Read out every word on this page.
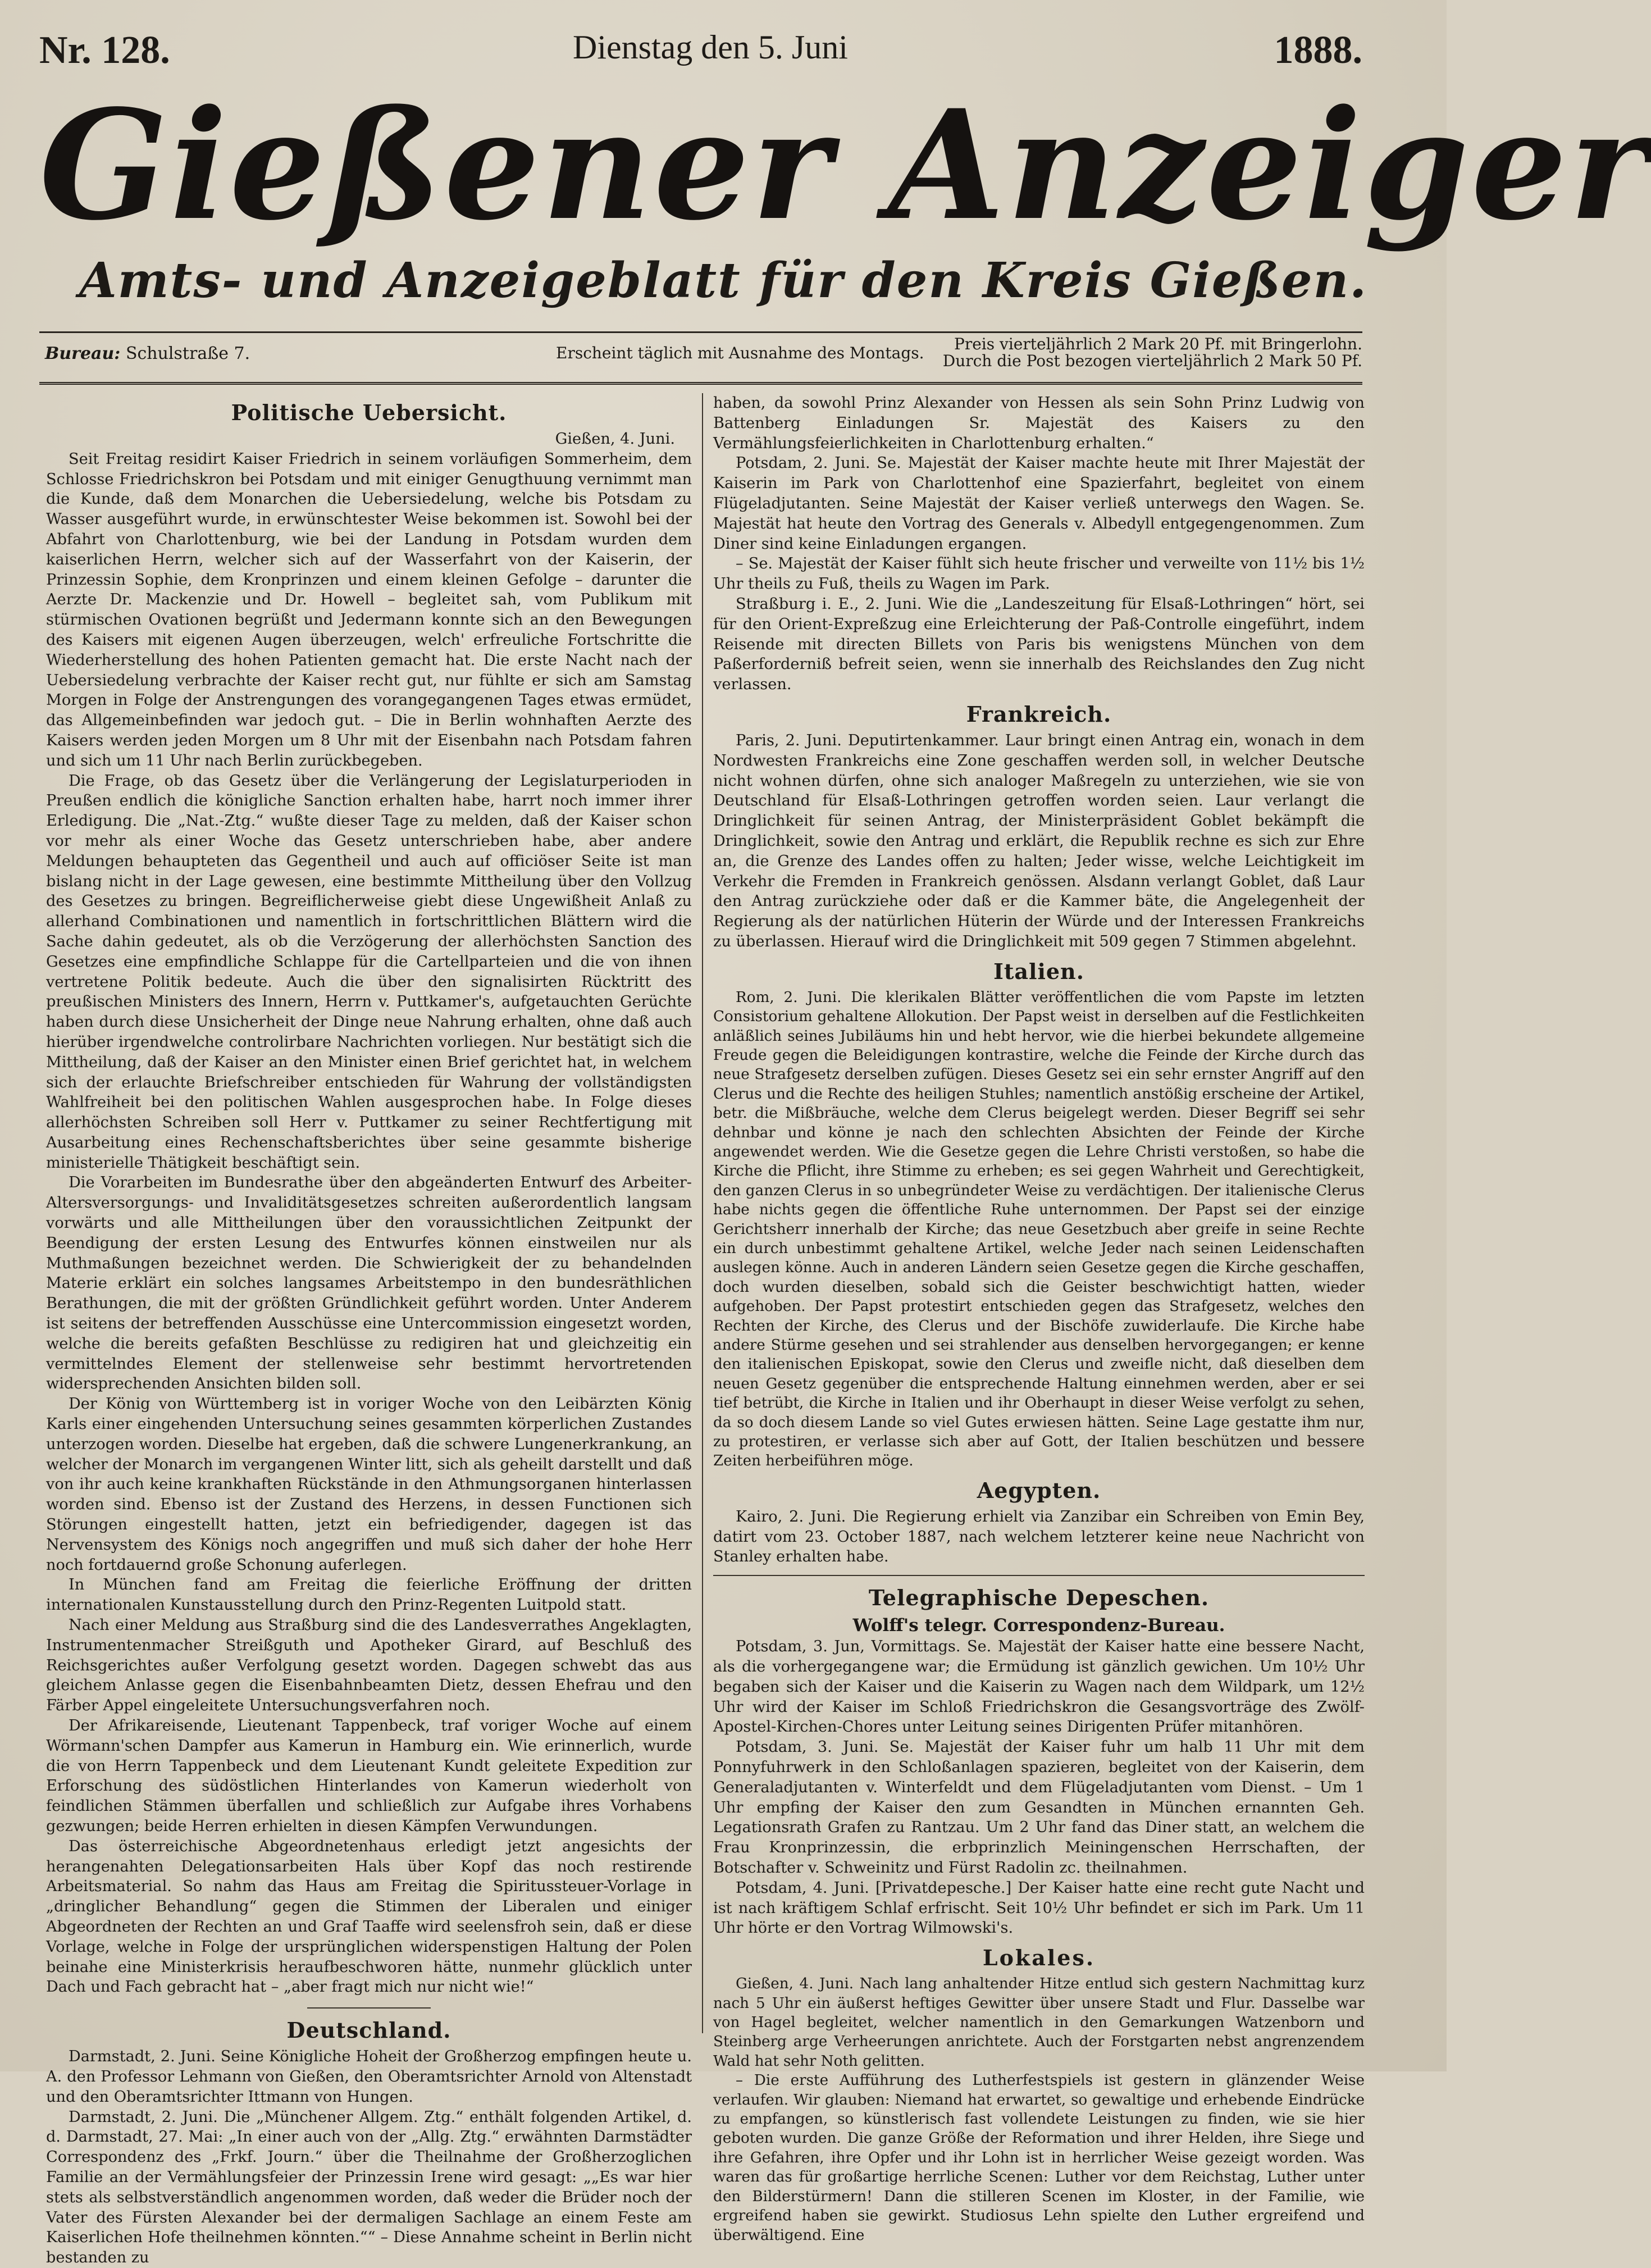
Nr. 128.	Dienstag den 5. Juni	1888.
Gießener Anzeiger
Amts- und Anzeigeblatt für den Kreis Gießen.
Bureau: Schulstraße 7.	Erscheint täglich mit Ausnahme des Montags.	Preis vierteljährlich 2 Mark 20 Pf. mit Bringerlohn.
Durch die Post bezogen vierteljährlich 2 Mark 50 Pf.
Politische Uebersicht.
Gießen, 4. Juni.

Seit Freitag residirt Kaiser Friedrich in seinem vorläufigen Sommerheim, dem Schlosse Friedrichskron bei Potsdam und mit einiger Genugthuung vernimmt man die Kunde, daß dem Monarchen die Uebersiedelung, welche bis Potsdam zu Wasser ausgeführt wurde, in erwünschtester Weise bekommen ist. Sowohl bei der Abfahrt von Charlottenburg, wie bei der Landung in Potsdam wurden dem kaiserlichen Herrn, welcher sich auf der Wasserfahrt von der Kaiserin, der Prinzessin Sophie, dem Kronprinzen und einem kleinen Gefolge – darunter die Aerzte Dr. Mackenzie und Dr. Howell – begleitet sah, vom Publikum mit stürmischen Ovationen begrüßt und Jedermann konnte sich an den Bewegungen des Kaisers mit eigenen Augen überzeugen, welch' erfreuliche Fortschritte die Wiederherstellung des hohen Patienten gemacht hat. Die erste Nacht nach der Uebersiedelung verbrachte der Kaiser recht gut, nur fühlte er sich am Samstag Morgen in Folge der Anstrengungen des vorangegangenen Tages etwas ermüdet, das Allgemeinbefinden war jedoch gut. – Die in Berlin wohnhaften Aerzte des Kaisers werden jeden Morgen um 8 Uhr mit der Eisenbahn nach Potsdam fahren und sich um 11 Uhr nach Berlin zurückbegeben.

Die Frage, ob das Gesetz über die Verlängerung der Legislaturperioden in Preußen endlich die königliche Sanction erhalten habe, harrt noch immer ihrer Erledigung. Die „Nat.-Ztg.“ wußte dieser Tage zu melden, daß der Kaiser schon vor mehr als einer Woche das Gesetz unterschrieben habe, aber andere Meldungen behaupteten das Gegentheil und auch auf officiöser Seite ist man bislang nicht in der Lage gewesen, eine bestimmte Mittheilung über den Vollzug des Gesetzes zu bringen. Begreiflicherweise giebt diese Ungewißheit Anlaß zu allerhand Combinationen und namentlich in fortschrittlichen Blättern wird die Sache dahin gedeutet, als ob die Verzögerung der allerhöchsten Sanction des Gesetzes eine empfindliche Schlappe für die Cartellparteien und die von ihnen vertretene Politik bedeute. Auch die über den signalisirten Rücktritt des preußischen Ministers des Innern, Herrn v. Puttkamer's, aufgetauchten Gerüchte haben durch diese Unsicherheit der Dinge neue Nahrung erhalten, ohne daß auch hierüber irgendwelche controlirbare Nachrichten vorliegen. Nur bestätigt sich die Mittheilung, daß der Kaiser an den Minister einen Brief gerichtet hat, in welchem sich der erlauchte Briefschreiber entschieden für Wahrung der vollständigsten Wahlfreiheit bei den politischen Wahlen ausgesprochen habe. In Folge dieses allerhöchsten Schreiben soll Herr v. Puttkamer zu seiner Rechtfertigung mit Ausarbeitung eines Rechenschaftsberichtes über seine gesammte bisherige ministerielle Thätigkeit beschäftigt sein.

Die Vorarbeiten im Bundesrathe über den abgeänderten Entwurf des Arbeiter-Altersversorgungs- und Invaliditätsgesetzes schreiten außerordentlich langsam vorwärts und alle Mittheilungen über den voraussichtlichen Zeitpunkt der Beendigung der ersten Lesung des Entwurfes können einstweilen nur als Muthmaßungen bezeichnet werden. Die Schwierigkeit der zu behandelnden Materie erklärt ein solches langsames Arbeitstempo in den bundesräthlichen Berathungen, die mit der größten Gründlichkeit geführt worden. Unter Anderem ist seitens der betreffenden Ausschüsse eine Untercommission eingesetzt worden, welche die bereits gefaßten Beschlüsse zu redigiren hat und gleichzeitig ein vermittelndes Element der stellenweise sehr bestimmt hervortretenden widersprechenden Ansichten bilden soll.

Der König von Württemberg ist in voriger Woche von den Leibärzten König Karls einer eingehenden Untersuchung seines gesammten körperlichen Zustandes unterzogen worden. Dieselbe hat ergeben, daß die schwere Lungenerkrankung, an welcher der Monarch im vergangenen Winter litt, sich als geheilt darstellt und daß von ihr auch keine krankhaften Rückstände in den Athmungsorganen hinterlassen worden sind. Ebenso ist der Zustand des Herzens, in dessen Functionen sich Störungen eingestellt hatten, jetzt ein befriedigender, dagegen ist das Nervensystem des Königs noch angegriffen und muß sich daher der hohe Herr noch fortdauernd große Schonung auferlegen.

In München fand am Freitag die feierliche Eröffnung der dritten internationalen Kunstausstellung durch den Prinz-Regenten Luitpold statt.

Nach einer Meldung aus Straßburg sind die des Landesverrathes Angeklagten, Instrumentenmacher Streißguth und Apotheker Girard, auf Beschluß des Reichsgerichtes außer Verfolgung gesetzt worden. Dagegen schwebt das aus gleichem Anlasse gegen die Eisenbahnbeamten Dietz, dessen Ehefrau und den Färber Appel eingeleitete Untersuchungsverfahren noch.

Der Afrikareisende, Lieutenant Tappenbeck, traf voriger Woche auf einem Wörmann'schen Dampfer aus Kamerun in Hamburg ein. Wie erinnerlich, wurde die von Herrn Tappenbeck und dem Lieutenant Kundt geleitete Expedition zur Erforschung des südöstlichen Hinterlandes von Kamerun wiederholt von feindlichen Stämmen überfallen und schließlich zur Aufgabe ihres Vorhabens gezwungen; beide Herren erhielten in diesen Kämpfen Verwundungen.

Das österreichische Abgeordnetenhaus erledigt jetzt angesichts der herangenahten Delegationsarbeiten Hals über Kopf das noch restirende Arbeitsmaterial. So nahm das Haus am Freitag die Spiritussteuer-Vorlage in „dringlicher Behandlung“ gegen die Stimmen der Liberalen und einiger Abgeordneten der Rechten an und Graf Taaffe wird seelensfroh sein, daß er diese Vorlage, welche in Folge der ursprünglichen widerspenstigen Haltung der Polen beinahe eine Ministerkrisis heraufbeschworen hätte, nunmehr glücklich unter Dach und Fach gebracht hat – „aber fragt mich nur nicht wie!“

Deutschland.

Darmstadt, 2. Juni. Seine Königliche Hoheit der Großherzog empfingen heute u. A. den Professor Lehmann von Gießen, den Oberamtsrichter Arnold von Altenstadt und den Oberamtsrichter Ittmann von Hungen.

Darmstadt, 2. Juni. Die „Münchener Allgem. Ztg.“ enthält folgenden Artikel, d. d. Darmstadt, 27. Mai: „In einer auch von der „Allg. Ztg.“ erwähnten Darmstädter Correspondenz des „Frkf. Journ.“ über die Theilnahme der Großherzoglichen Familie an der Vermählungsfeier der Prinzessin Irene wird gesagt: „„Es war hier stets als selbstverständlich angenommen worden, daß weder die Brüder noch der Vater des Fürsten Alexander bei der dermaligen Sachlage an einem Feste am Kaiserlichen Hofe theilnehmen könnten.““ – Diese Annahme scheint in Berlin nicht bestanden zu

haben, da sowohl Prinz Alexander von Hessen als sein Sohn Prinz Ludwig von Battenberg Einladungen Sr. Majestät des Kaisers zu den Vermählungsfeierlichkeiten in Charlottenburg erhalten.“

Potsdam, 2. Juni. Se. Majestät der Kaiser machte heute mit Ihrer Majestät der Kaiserin im Park von Charlottenhof eine Spazierfahrt, begleitet von einem Flügeladjutanten. Seine Majestät der Kaiser verließ unterwegs den Wagen. Se. Majestät hat heute den Vortrag des Generals v. Albedyll entgegengenommen. Zum Diner sind keine Einladungen ergangen.

– Se. Majestät der Kaiser fühlt sich heute frischer und verweilte von 11½ bis 1½ Uhr theils zu Fuß, theils zu Wagen im Park.

Straßburg i. E., 2. Juni. Wie die „Landeszeitung für Elsaß-Lothringen“ hört, sei für den Orient-Expreßzug eine Erleichterung der Paß-Controlle eingeführt, indem Reisende mit directen Billets von Paris bis wenigstens München von dem Paßerforderniß befreit seien, wenn sie innerhalb des Reichslandes den Zug nicht verlassen.

Frankreich.

Paris, 2. Juni. Deputirtenkammer. Laur bringt einen Antrag ein, wonach in dem Nordwesten Frankreichs eine Zone geschaffen werden soll, in welcher Deutsche nicht wohnen dürfen, ohne sich analoger Maßregeln zu unterziehen, wie sie von Deutschland für Elsaß-Lothringen getroffen worden seien. Laur verlangt die Dringlichkeit für seinen Antrag, der Ministerpräsident Goblet bekämpft die Dringlichkeit, sowie den Antrag und erklärt, die Republik rechne es sich zur Ehre an, die Grenze des Landes offen zu halten; Jeder wisse, welche Leichtigkeit im Verkehr die Fremden in Frankreich genössen. Alsdann verlangt Goblet, daß Laur den Antrag zurückziehe oder daß er die Kammer bäte, die Angelegenheit der Regierung als der natürlichen Hüterin der Würde und der Interessen Frankreichs zu überlassen. Hierauf wird die Dringlichkeit mit 509 gegen 7 Stimmen abgelehnt.

Italien.

Rom, 2. Juni. Die klerikalen Blätter veröffentlichen die vom Papste im letzten Consistorium gehaltene Allokution. Der Papst weist in derselben auf die Festlichkeiten anläßlich seines Jubiläums hin und hebt hervor, wie die hierbei bekundete allgemeine Freude gegen die Beleidigungen kontrastire, welche die Feinde der Kirche durch das neue Strafgesetz derselben zufügen. Dieses Gesetz sei ein sehr ernster Angriff auf den Clerus und die Rechte des heiligen Stuhles; namentlich anstößig erscheine der Artikel, betr. die Mißbräuche, welche dem Clerus beigelegt werden. Dieser Begriff sei sehr dehnbar und könne je nach den schlechten Absichten der Feinde der Kirche angewendet werden. Wie die Gesetze gegen die Lehre Christi verstoßen, so habe die Kirche die Pflicht, ihre Stimme zu erheben; es sei gegen Wahrheit und Gerechtigkeit, den ganzen Clerus in so unbegründeter Weise zu verdächtigen. Der italienische Clerus habe nichts gegen die öffentliche Ruhe unternommen. Der Papst sei der einzige Gerichtsherr innerhalb der Kirche; das neue Gesetzbuch aber greife in seine Rechte ein durch unbestimmt gehaltene Artikel, welche Jeder nach seinen Leidenschaften auslegen könne. Auch in anderen Ländern seien Gesetze gegen die Kirche geschaffen, doch wurden dieselben, sobald sich die Geister beschwichtigt hatten, wieder aufgehoben. Der Papst protestirt entschieden gegen das Strafgesetz, welches den Rechten der Kirche, des Clerus und der Bischöfe zuwiderlaufe. Die Kirche habe andere Stürme gesehen und sei strahlender aus denselben hervorgegangen; er kenne den italienischen Episkopat, sowie den Clerus und zweifle nicht, daß dieselben dem neuen Gesetz gegenüber die entsprechende Haltung einnehmen werden, aber er sei tief betrübt, die Kirche in Italien und ihr Oberhaupt in dieser Weise verfolgt zu sehen, da so doch diesem Lande so viel Gutes erwiesen hätten. Seine Lage gestatte ihm nur, zu protestiren, er verlasse sich aber auf Gott, der Italien beschützen und bessere Zeiten herbeiführen möge.

Aegypten.

Kairo, 2. Juni. Die Regierung erhielt via Zanzibar ein Schreiben von Emin Bey, datirt vom 23. October 1887, nach welchem letzterer keine neue Nachricht von Stanley erhalten habe.

Telegraphische Depeschen.
Wolff's telegr. Correspondenz-Bureau.

Potsdam, 3. Jun, Vormittags. Se. Majestät der Kaiser hatte eine bessere Nacht, als die vorhergegangene war; die Ermüdung ist gänzlich gewichen. Um 10½ Uhr begaben sich der Kaiser und die Kaiserin zu Wagen nach dem Wildpark, um 12½ Uhr wird der Kaiser im Schloß Friedrichskron die Gesangsvorträge des Zwölf-Apostel-Kirchen-Chores unter Leitung seines Dirigenten Prüfer mitanhören.

Potsdam, 3. Juni. Se. Majestät der Kaiser fuhr um halb 11 Uhr mit dem Ponnyfuhrwerk in den Schloßanlagen spazieren, begleitet von der Kaiserin, dem Generaladjutanten v. Winterfeldt und dem Flügeladjutanten vom Dienst. – Um 1 Uhr empfing der Kaiser den zum Gesandten in München ernannten Geh. Legationsrath Grafen zu Rantzau. Um 2 Uhr fand das Diner statt, an welchem die Frau Kronprinzessin, die erbprinzlich Meiningenschen Herrschaften, der Botschafter v. Schweinitz und Fürst Radolin zc. theilnahmen.

Potsdam, 4. Juni. [Privatdepesche.] Der Kaiser hatte eine recht gute Nacht und ist nach kräftigem Schlaf erfrischt. Seit 10½ Uhr befindet er sich im Park. Um 11 Uhr hörte er den Vortrag Wilmowski's.

Lokales.

Gießen, 4. Juni. Nach lang anhaltender Hitze entlud sich gestern Nachmittag kurz nach 5 Uhr ein äußerst heftiges Gewitter über unsere Stadt und Flur. Dasselbe war von Hagel begleitet, welcher namentlich in den Gemarkungen Watzenborn und Steinberg arge Verheerungen anrichtete. Auch der Forstgarten nebst angrenzendem Wald hat sehr Noth gelitten.

– Die erste Aufführung des Lutherfestspiels ist gestern in glänzender Weise verlaufen. Wir glauben: Niemand hat erwartet, so gewaltige und erhebende Eindrücke zu empfangen, so künstlerisch fast vollendete Leistungen zu finden, wie sie hier geboten wurden. Die ganze Größe der Reformation und ihrer Helden, ihre Siege und ihre Gefahren, ihre Opfer und ihr Lohn ist in herrlicher Weise gezeigt worden. Was waren das für großartige herrliche Scenen: Luther vor dem Reichstag, Luther unter den Bilderstürmern! Dann die stilleren Scenen im Kloster, in der Familie, wie ergreifend haben sie gewirkt. Studiosus Lehn spielte den Luther ergreifend und überwältigend. Eine
